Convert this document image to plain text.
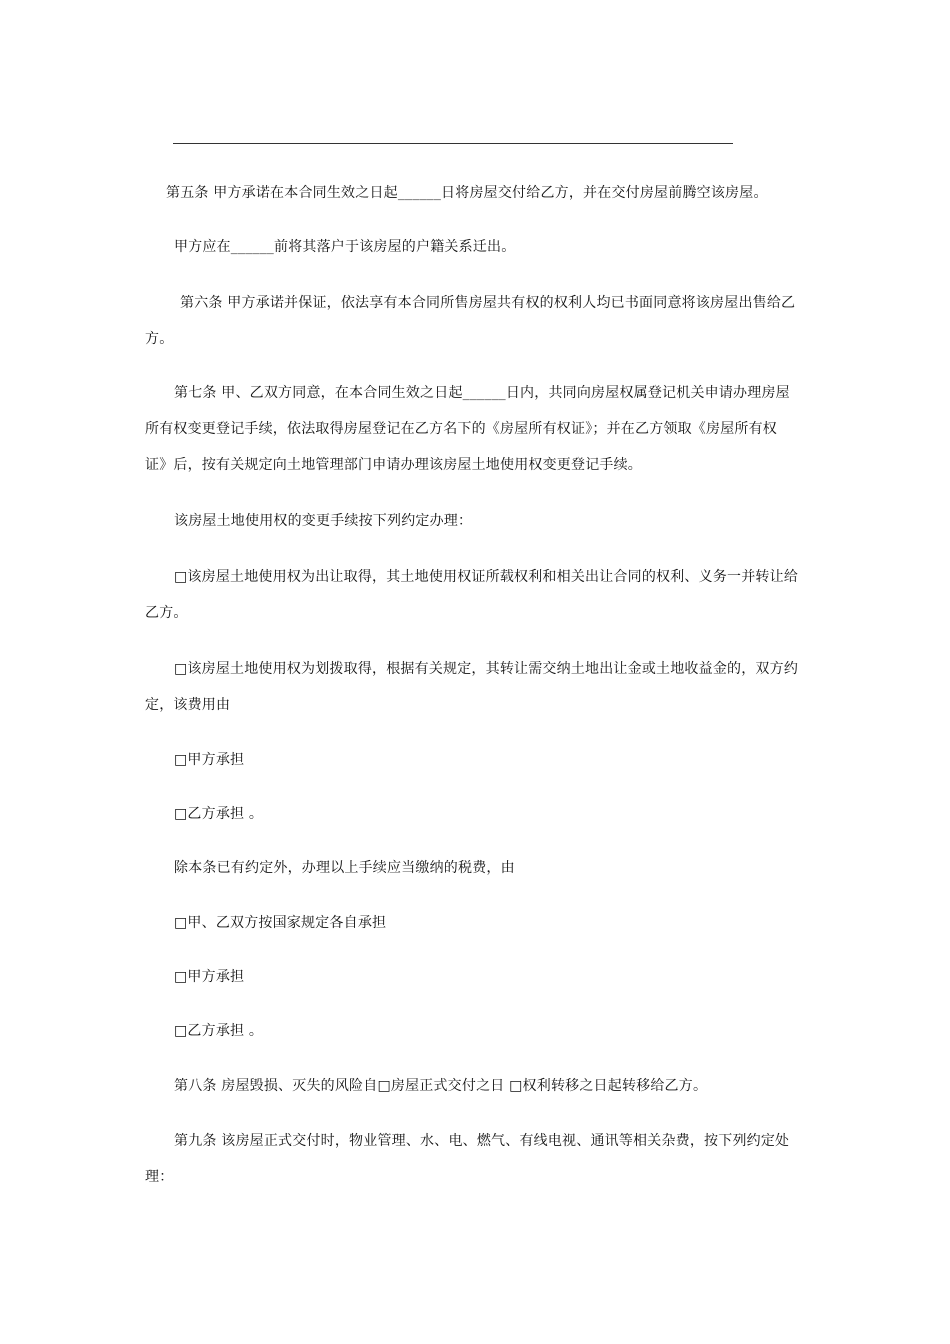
第五条 甲方承诺在本合同生效之日起______日将房屋交付给乙方，并在交付房屋前腾空该房屋。
甲方应在______前将其落户于该房屋的户籍关系迁出。
第六条 甲方承诺并保证，依法享有本合同所售房屋共有权的权利人均已书面同意将该房屋出售给乙
方。
第七条 甲、乙双方同意，在本合同生效之日起______日内，共同向房屋权属登记机关申请办理房屋
所有权变更登记手续，依法取得房屋登记在乙方名下的《房屋所有权证》；并在乙方领取《房屋所有权
证》后，按有关规定向土地管理部门申请办理该房屋土地使用权变更登记手续。
该房屋土地使用权的变更手续按下列约定办理：
□该房屋土地使用权为出让取得，其土地使用权证所载权利和相关出让合同的权利、义务一并转让给
乙方。
□该房屋土地使用权为划拨取得，根据有关规定，其转让需交纳土地出让金或土地收益金的，双方约
定，该费用由
□甲方承担
□乙方承担 。
除本条已有约定外，办理以上手续应当缴纳的税费，由
□甲、乙双方按国家规定各自承担
□甲方承担
□乙方承担 。
第八条 房屋毁损、灭失的风险自□房屋正式交付之日 □权利转移之日起转移给乙方。
第九条 该房屋正式交付时，物业管理、水、电、燃气、有线电视、通讯等相关杂费，按下列约定处
理：
